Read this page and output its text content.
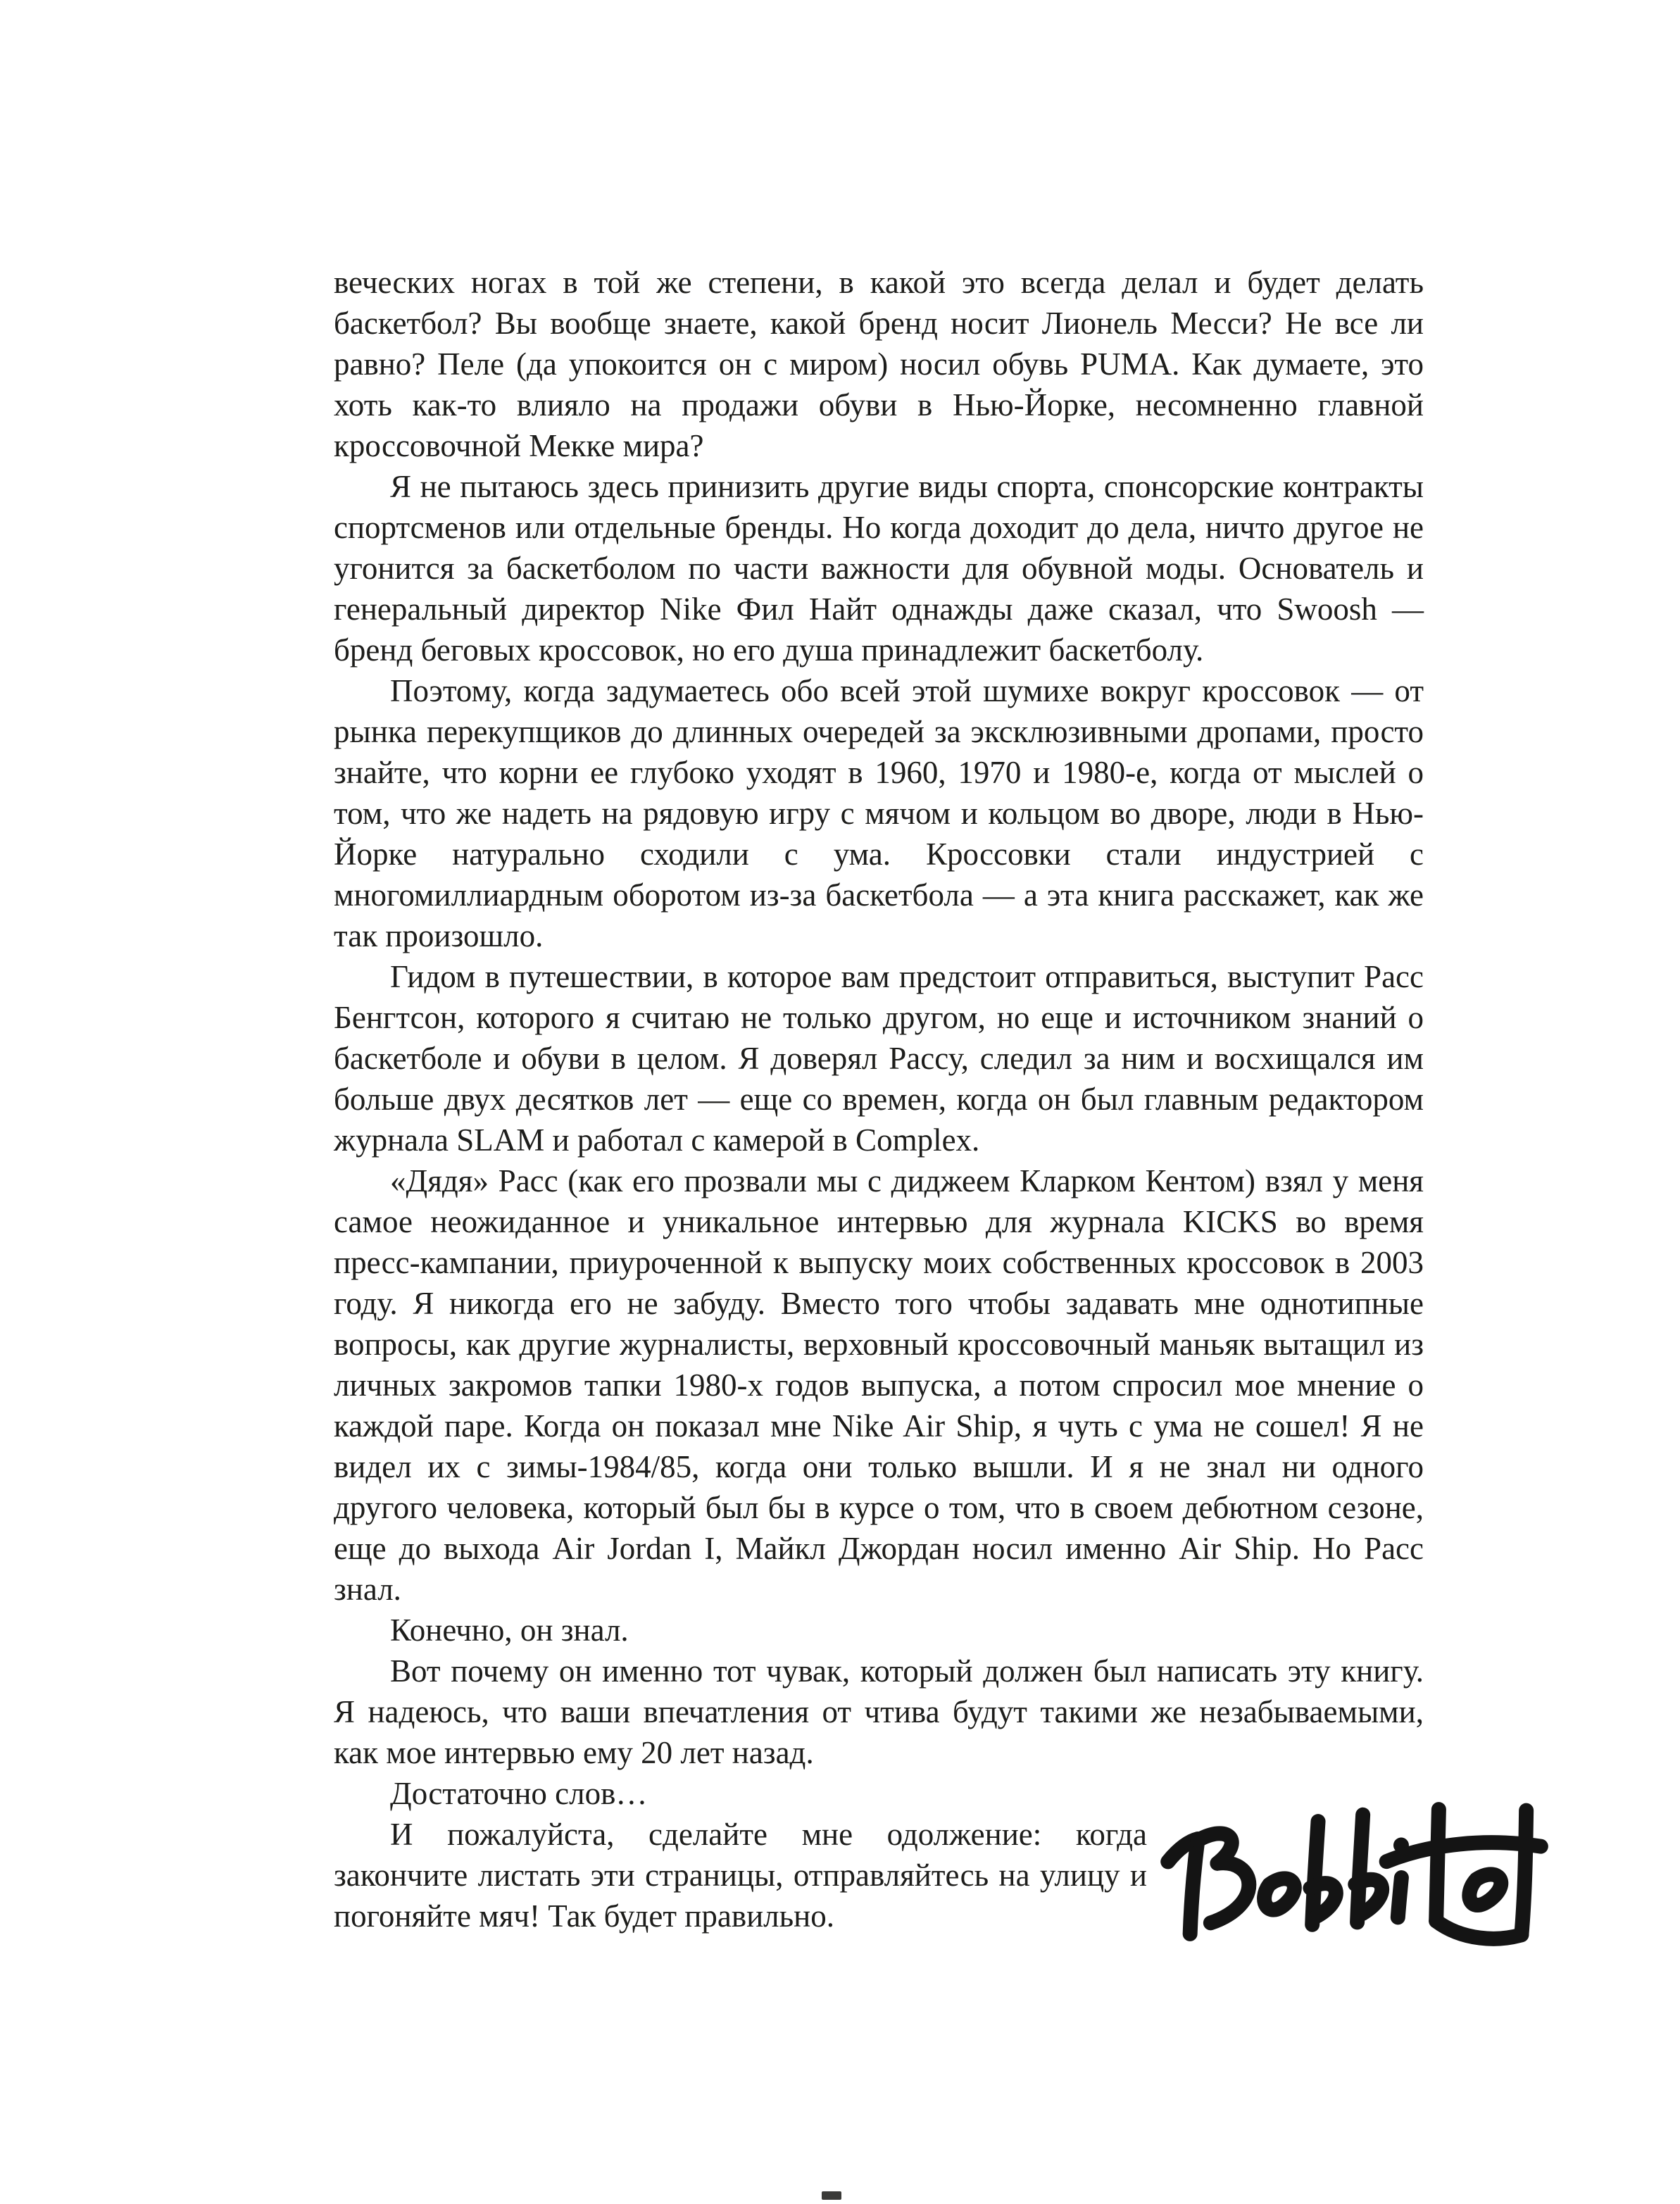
веческих ногах в той же степени, в какой это всегда делал и будет делать баскетбол? Вы вообще знаете, какой бренд носит Лионель Месси? Не все ли равно? Пеле (да упокоится он с миром) носил обувь PUMA. Как думаете, это хоть как-то влияло на продажи обуви в Нью-Йорке, несомненно главной кроссовочной Мекке мира?

Я не пытаюсь здесь принизить другие виды спорта, спонсорские контракты спортсменов или отдельные бренды. Но когда доходит до дела, ничто другое не угонится за баскетболом по части важности для обувной моды. Основатель и генеральный директор Nike Фил Найт однажды даже сказал, что Swoosh — бренд беговых кроссовок, но его душа принадлежит баскетболу.

Поэтому, когда задумаетесь обо всей этой шумихе вокруг кроссовок — от рынка перекупщиков до длинных очередей за эксклюзивными дропами, просто знайте, что корни ее глубоко уходят в 1960, 1970 и 1980-е, когда от мыслей о том, что же надеть на рядовую игру с мячом и кольцом во дворе, люди в Нью-Йорке натурально сходили с ума. Кроссовки стали индустрией с многомиллиардным оборотом из-за баскетбола — а эта книга расскажет, как же так произошло.

Гидом в путешествии, в которое вам предстоит отправиться, выступит Расс Бенгтсон, которого я считаю не только другом, но еще и источником знаний о баскетболе и обуви в целом. Я доверял Рассу, следил за ним и восхищался им больше двух десятков лет — еще со времен, когда он был главным редактором журнала SLAM и работал с камерой в Complex.

«Дядя» Расс (как его прозвали мы с диджеем Кларком Кентом) взял у меня самое неожиданное и уникальное интервью для журнала KICKS во время пресс-кампании, приуроченной к выпуску моих собственных кроссовок в 2003 году. Я никогда его не забуду. Вместо того чтобы задавать мне однотипные вопросы, как другие журналисты, верховный кроссовочный маньяк вытащил из личных закромов тапки 1980-х годов выпуска, а потом спросил мое мнение о каждой паре. Когда он показал мне Nike Air Ship, я чуть с ума не сошел! Я не видел их с зимы-1984/85, когда они только вышли. И я не знал ни одного другого человека, который был бы в курсе о том, что в своем дебютном сезоне, еще до выхода Air Jordan I, Майкл Джордан носил именно Air Ship. Но Расс знал.

Конечно, он знал.

Вот почему он именно тот чувак, который должен был написать эту книгу. Я надеюсь, что ваши впечатления от чтива будут такими же незабываемыми, как мое интервью ему 20 лет назад.

Достаточно слов…

И пожалуйста, сделайте мне одолжение: когда закончите листать эти страницы, отправляйтесь на улицу и погоняйте мяч! Так будет правильно.
